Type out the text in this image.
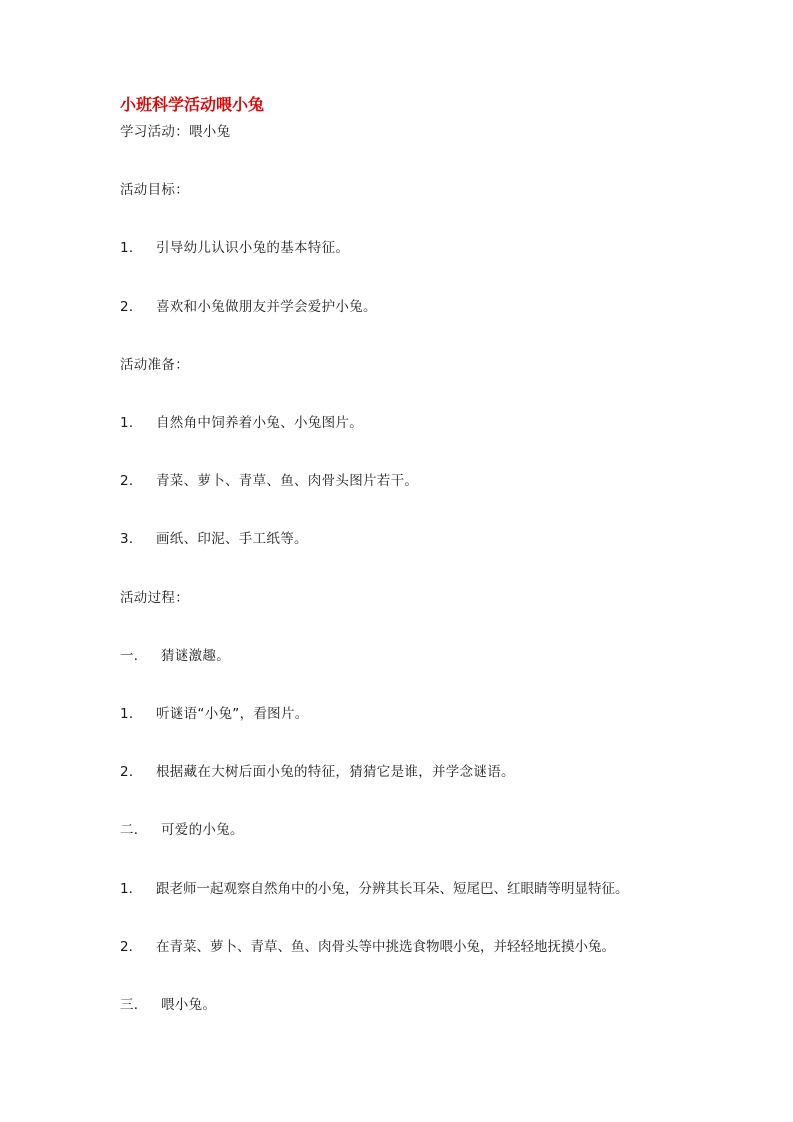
小班科学活动喂小兔
学习活动：喂小兔
活动目标：
1． 引导幼儿认识小兔的基本特征。
2． 喜欢和小兔做朋友并学会爱护小兔。
活动准备：
1． 自然角中饲养着小兔、小兔图片。
2． 青菜、萝卜、青草、鱼、肉骨头图片若干。
3． 画纸、印泥、手工纸等。
活动过程：
一． 猜谜激趣。
1． 听谜语“小兔”，看图片。
2． 根据藏在大树后面小兔的特征，猜猜它是谁，并学念谜语。
二． 可爱的小兔。
1． 跟老师一起观察自然角中的小兔，分辨其长耳朵、短尾巴、红眼睛等明显特征。
2． 在青菜、萝卜、青草、鱼、肉骨头等中挑选食物喂小兔，并轻轻地抚摸小兔。
三． 喂小兔。
